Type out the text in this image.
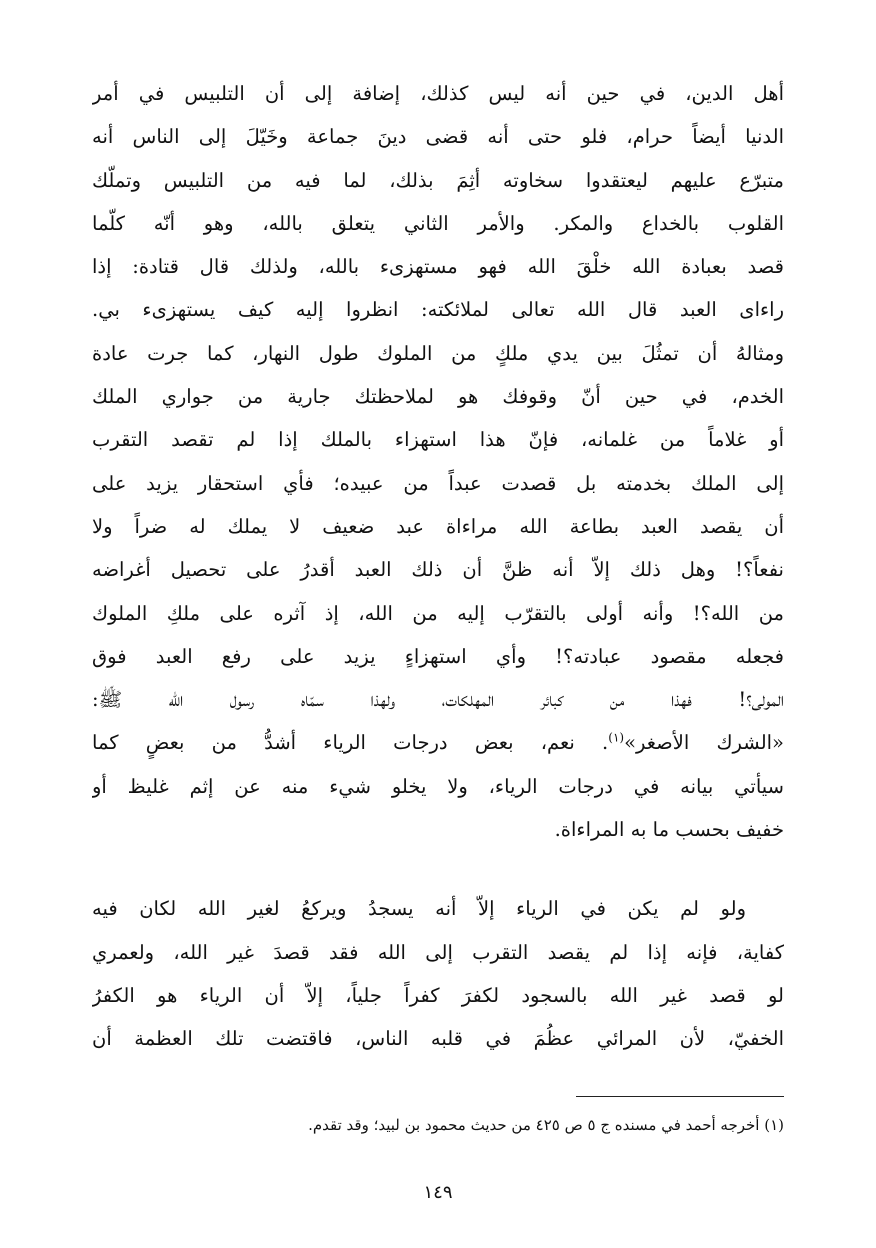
أهل الدين، في حين أنه ليس كذلك، إضافة إلى أن التلبيس في أمر
الدنيا أيضاً حرام، فلو حتى أنه قضى دينَ جماعة وخَيّلَ إلى الناس أنه
متبرّع عليهم ليعتقدوا سخاوته أثِمَ بذلك، لما فيه من التلبيس وتملّك
القلوب بالخداع والمكر. والأمر الثاني يتعلق بالله، وهو أنّه كلّما
قصد بعبادة الله خلْقَ الله فهو مستهزىء بالله، ولذلك قال قتادة: إذا
راءاى العبد قال الله تعالى لملائكته: انظروا إليه كيف يستهزىء بي.
ومثالهُ أن تمثُلَ بين يدي ملكٍ من الملوك طول النهار، كما جرت عادة
الخدم، في حين أنّ وقوفك هو لملاحظتك جارية من جواري الملك
أو غلاماً من غلمانه، فإنّ هذا استهزاء بالملك إذا لم تقصد التقرب
إلى الملك بخدمته بل قصدت عبداً من عبيده؛ فأي استحقار يزيد على
أن يقصد العبد بطاعة الله مراءاة عبد ضعيف لا يملك له ضراً ولا
نفعاً؟! وهل ذلك إلاّ أنه ظنَّ أن ذلك العبد أقدرُ على تحصيل أغراضه
من الله؟! وأنه أولى بالتقرّب إليه من الله، إذ آثره على ملكِ الملوك
فجعله مقصود عبادته؟! وأي استهزاءٍ يزيد على رفع العبد فوق
المولى؟! فهذا من كبائر المهلكات، ولهذا سمّاه رسول الله ﷺ:
«الشرك الأصغر»$^{(١)}$. نعم، بعض درجات الرياء أشدُّ من بعضٍ كما
سيأتي بيانه في درجات الرياء، ولا يخلو شيء منه عن إثم غليظ أو
خفيف بحسب ما به المراءاة.
ولو لم يكن في الرياء إلاّ أنه يسجدُ ويركعُ لغير الله لكان فيه
كفاية، فإنه إذا لم يقصد التقرب إلى الله فقد قصدَ غير الله، ولعمري
لو قصد غير الله بالسجود لكفرَ كفراً جلياً، إلاّ أن الرياء هو الكفرُ
الخفيّ، لأن المرائي عظُمَ في قلبه الناس، فاقتضت تلك العظمة أن
(١) أخرجه أحمد في مسنده ج ٥ ص ٤٢٥ من حديث محمود بن لبيد؛ وقد تقدم.
١٤٩
